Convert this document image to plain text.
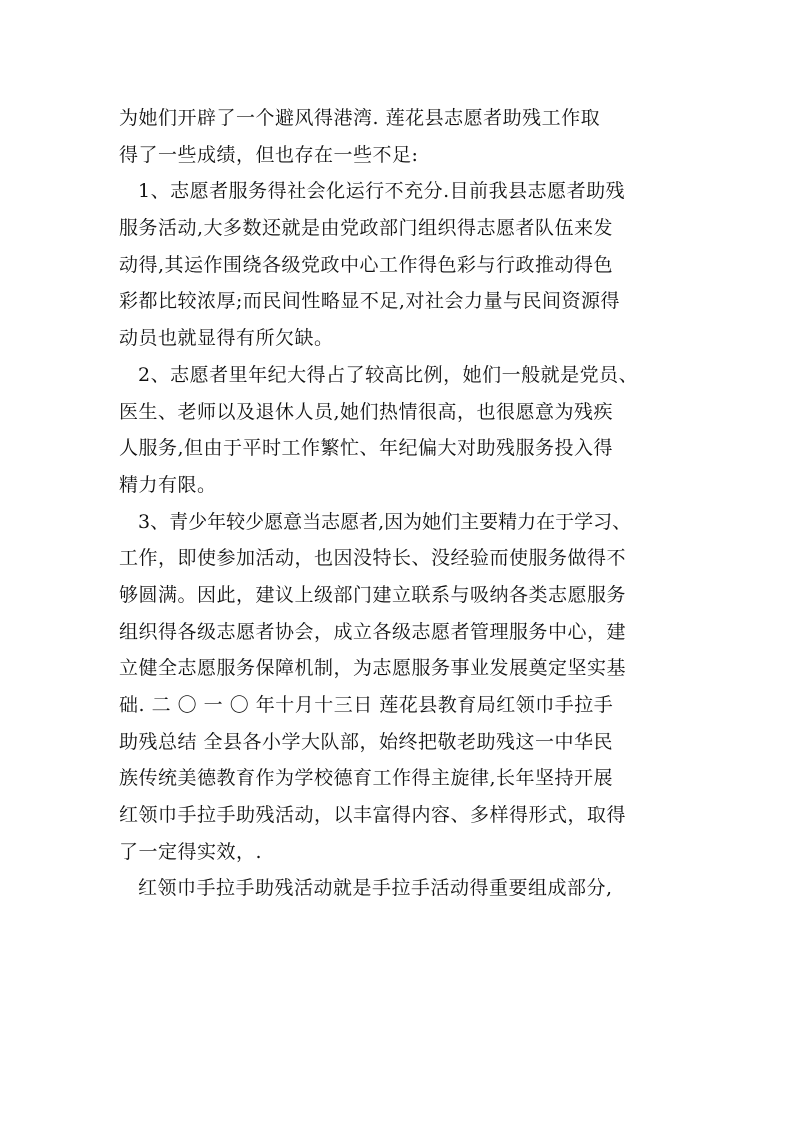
为她们开辟了一个避风得港湾. 莲花县志愿者助残工作取
得了一些成绩，但也存在一些不足:
1、志愿者服务得社会化运行不充分.目前我县志愿者助残
服务活动,大多数还就是由党政部门组织得志愿者队伍来发
动得,其运作围绕各级党政中心工作得色彩与行政推动得色
彩都比较浓厚;而民间性略显不足,对社会力量与民间资源得
动员也就显得有所欠缺。
2、志愿者里年纪大得占了较高比例，她们一般就是党员、
医生、老师以及退休人员,她们热情很高，也很愿意为残疾
人服务,但由于平时工作繁忙、年纪偏大对助残服务投入得
精力有限。
3、青少年较少愿意当志愿者,因为她们主要精力在于学习、
工作，即使参加活动，也因没特长、没经验而使服务做得不
够圆满。因此，建议上级部门建立联系与吸纳各类志愿服务
组织得各级志愿者协会，成立各级志愿者管理服务中心，建
立健全志愿服务保障机制，为志愿服务事业发展奠定坚实基
础. 二 〇 一 〇 年十月十三日 莲花县教育局红领巾手拉手
助残总结 全县各小学大队部，始终把敬老助残这一中华民
族传统美德教育作为学校德育工作得主旋律,长年坚持开展
红领巾手拉手助残活动，以丰富得内容、多样得形式，取得
了一定得实效，.
红领巾手拉手助残活动就是手拉手活动得重要组成部分,
